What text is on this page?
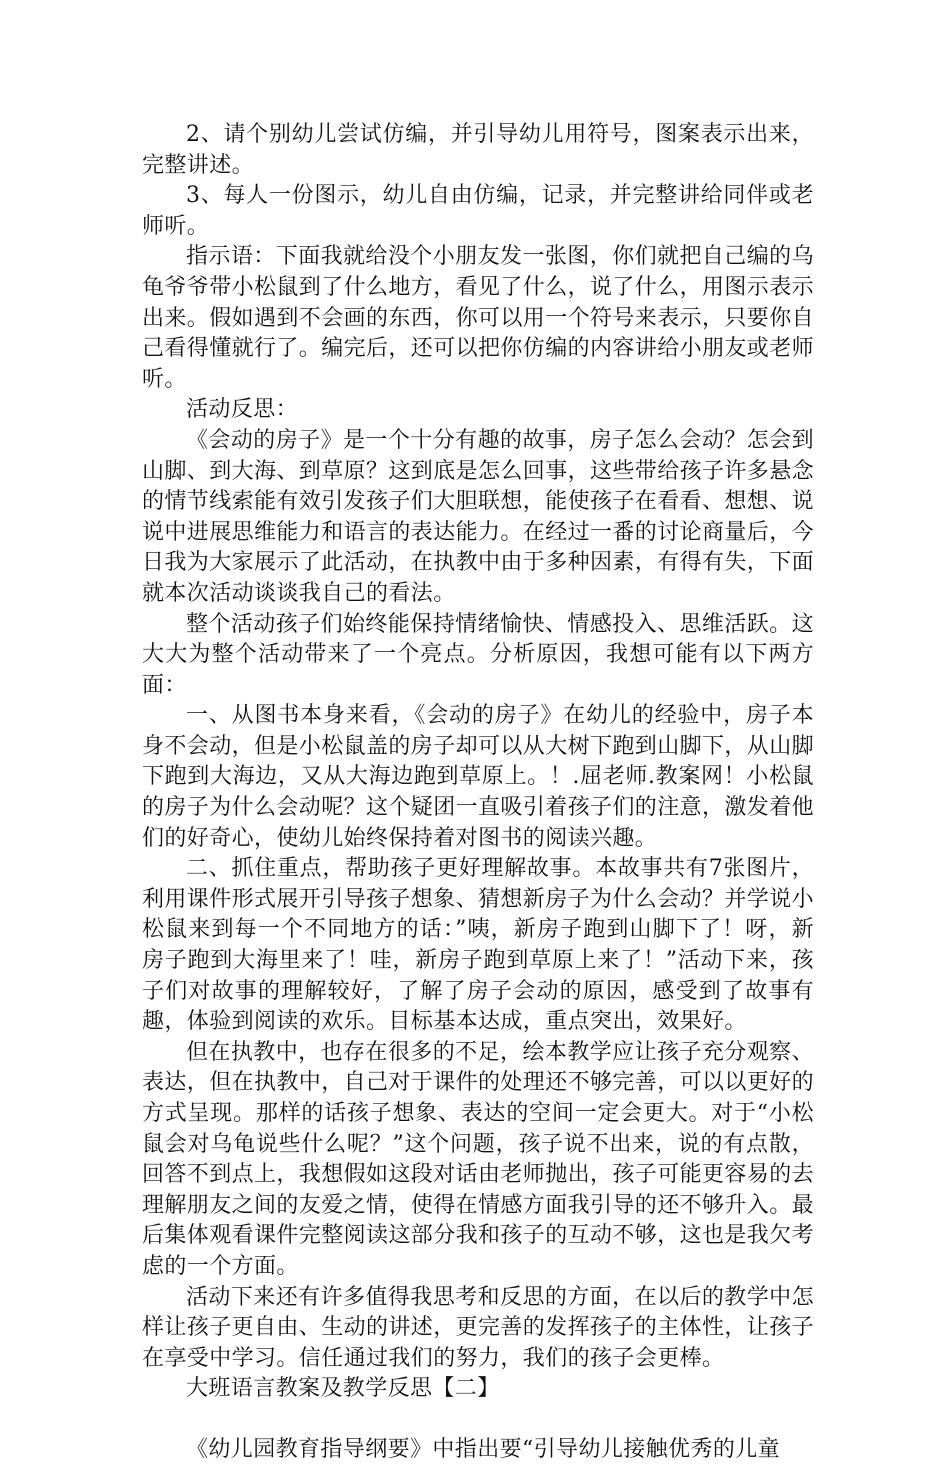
2、请个别幼儿尝试仿编，并引导幼儿用符号，图案表示出来，完整讲述。

3、每人一份图示，幼儿自由仿编，记录，并完整讲给同伴或老师听。

指示语：下面我就给没个小朋友发一张图，你们就把自己编的乌龟爷爷带小松鼠到了什么地方，看见了什么，说了什么，用图示表示出来。假如遇到不会画的东西，你可以用一个符号来表示，只要你自己看得懂就行了。编完后，还可以把你仿编的内容讲给小朋友或老师听。

活动反思：

《会动的房子》是一个十分有趣的故事，房子怎么会动？怎会到山脚、到大海、到草原？这到底是怎么回事，这些带给孩子许多悬念的情节线索能有效引发孩子们大胆联想，能使孩子在看看、想想、说说中进展思维能力和语言的表达能力。在经过一番的讨论商量后，今日我为大家展示了此活动，在执教中由于多种因素，有得有失，下面就本次活动谈谈我自己的看法。

整个活动孩子们始终能保持情绪愉快、情感投入、思维活跃。这大大为整个活动带来了一个亮点。分析原因，我想可能有以下两方面：

一、从图书本身来看，《会动的房子》在幼儿的经验中，房子本身不会动，但是小松鼠盖的房子却可以从大树下跑到山脚下，从山脚下跑到大海边，又从大海边跑到草原上。！.屈老师.教案网！小松鼠的房子为什么会动呢？这个疑团一直吸引着孩子们的注意，激发着他们的好奇心，使幼儿始终保持着对图书的阅读兴趣。

二、抓住重点，帮助孩子更好理解故事。本故事共有7张图片，利用课件形式展开引导孩子想象、猜想新房子为什么会动？并学说小松鼠来到每一个不同地方的话：”咦，新房子跑到山脚下了！呀，新房子跑到大海里来了！哇，新房子跑到草原上来了！”活动下来，孩子们对故事的理解较好，了解了房子会动的原因，感受到了故事有趣，体验到阅读的欢乐。目标基本达成，重点突出，效果好。

但在执教中，也存在很多的不足，绘本教学应让孩子充分观察、表达，但在执教中，自己对于课件的处理还不够完善，可以以更好的方式呈现。那样的话孩子想象、表达的空间一定会更大。对于“小松鼠会对乌龟说些什么呢？”这个问题，孩子说不出来，说的有点散，回答不到点上，我想假如这段对话由老师抛出，孩子可能更容易的去理解朋友之间的友爱之情，使得在情感方面我引导的还不够升入。最后集体观看课件完整阅读这部分我和孩子的互动不够，这也是我欠考虑的一个方面。

活动下来还有许多值得我思考和反思的方面，在以后的教学中怎样让孩子更自由、生动的讲述，更完善的发挥孩子的主体性，让孩子在享受中学习。信任通过我们的努力，我们的孩子会更棒。

大班语言教案及教学反思【二】

《幼儿园教育指导纲要》中指出要“引导幼儿接触优秀的儿童
